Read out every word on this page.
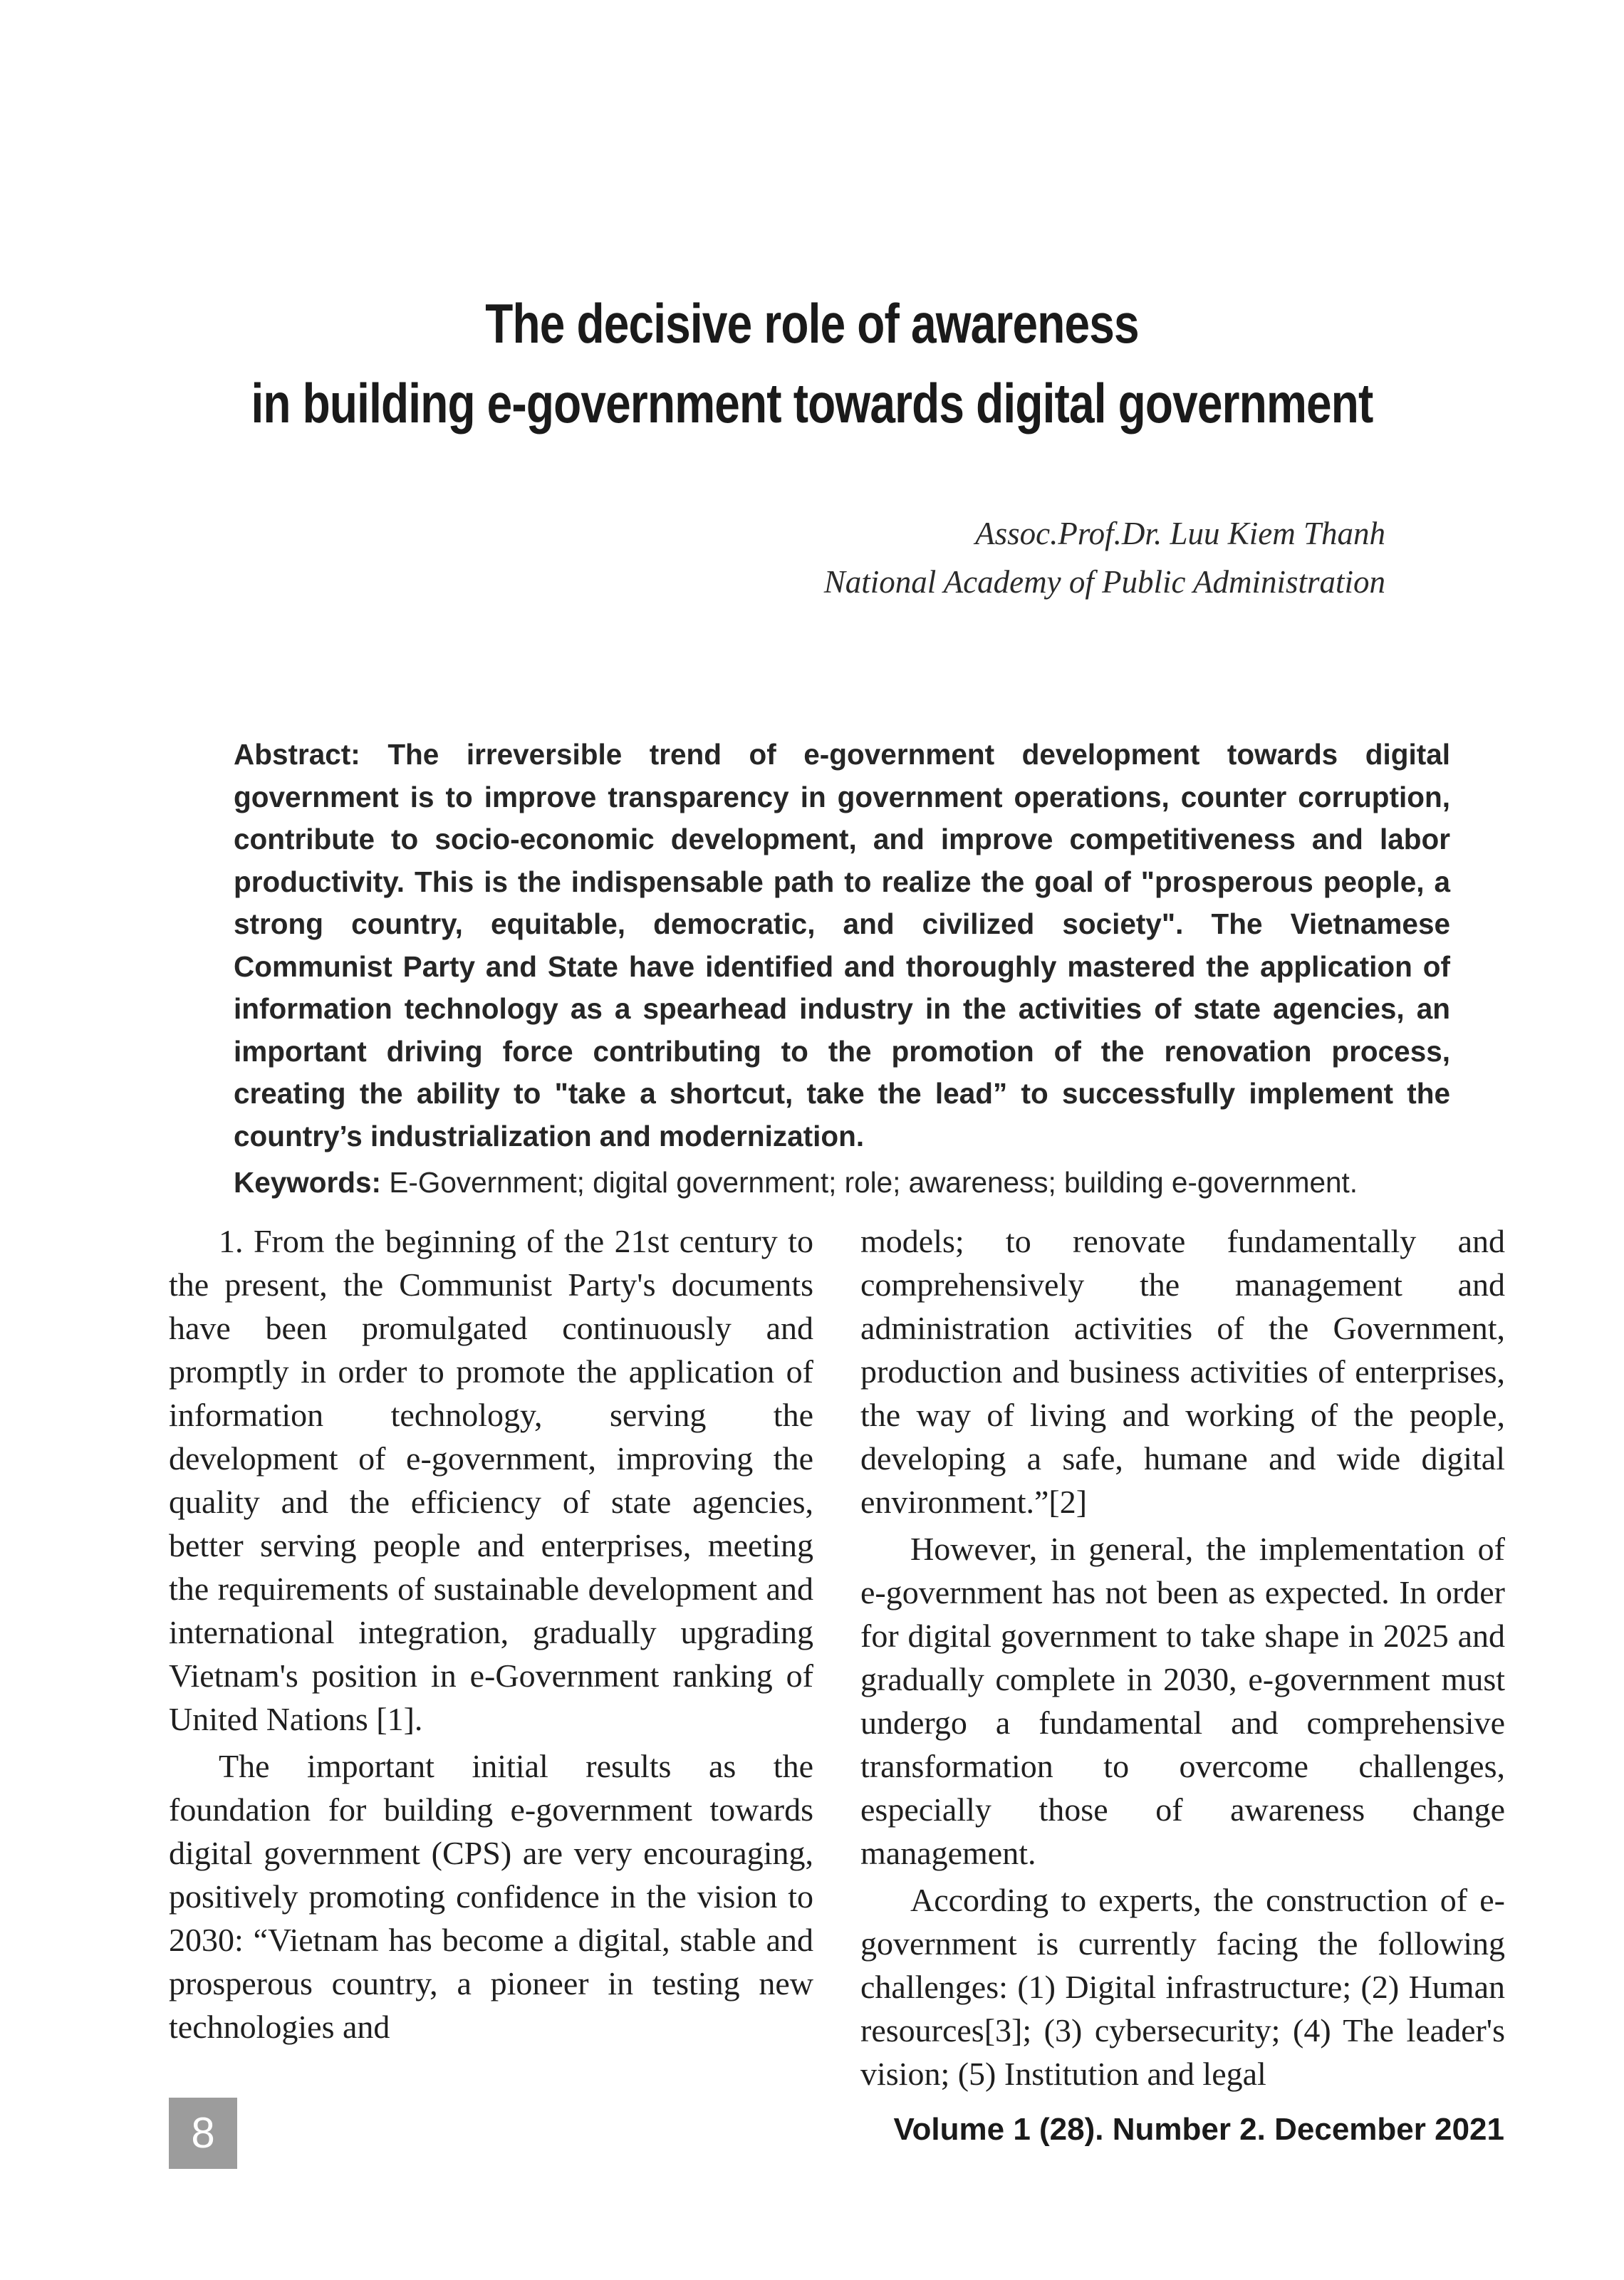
The decisive role of awareness
in building e-government towards digital government
Assoc.Prof.Dr. Luu Kiem Thanh
National Academy of Public Administration

Abstract: The irreversible trend of e-government development towards digital government is to improve transparency in government operations, counter corruption, contribute to socio-economic development, and improve competitiveness and labor productivity. This is the indispensable path to realize the goal of "prosperous people, a strong country, equitable, democratic, and civilized society". The Vietnamese Communist Party and State have identified and thoroughly mastered the application of information technology as a spearhead industry in the activities of state agencies, an important driving force contributing to the promotion of the renovation process, creating the ability to "take a shortcut, take the lead” to successfully implement the country’s industrialization and modernization.

Keywords: E-Government; digital government; role; awareness; building e-government.

1. From the beginning of the 21st century to the present, the Communist Party's documents have been promulgated continuously and promptly in order to promote the application of information technology, serving the development of e-government, improving the quality and the efficiency of state agencies, better serving people and enterprises, meeting the requirements of sustainable development and international integration, gradually upgrading Vietnam's position in e-Government ranking of United Nations [1].

The important initial results as the foundation for building e-government towards digital government (CPS) are very encouraging, positively promoting confidence in the vision to 2030: “Vietnam has become a digital, stable and prosperous country, a pioneer in testing new technologies and

models; to renovate fundamentally and comprehensively the management and administration activities of the Government, production and business activities of enterprises, the way of living and working of the people, developing a safe, humane and wide digital environment.”[2]

However, in general, the implementation of e-government has not been as expected. In order for digital government to take shape in 2025 and gradually complete in 2030, e-government must undergo a fundamental and comprehensive transformation to overcome challenges, especially those of awareness change management.

According to experts, the construction of e-government is currently facing the following challenges: (1) Digital infrastructure; (2) Human resources[3]; (3) cybersecurity; (4) The leader's vision; (5) Institution and legal

8	Volume 1 (28). Number 2. December 2021
